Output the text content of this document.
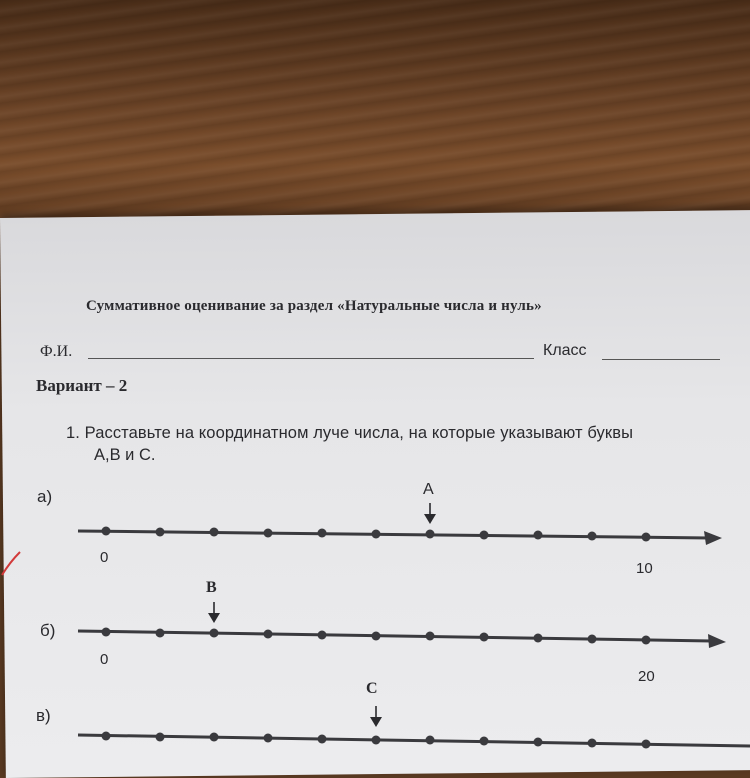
Суммативное оценивание за раздел «Натуральные числа и нуль»
Ф.И.	Класс
Вариант – 2
1. Расставьте на координатном луче числа, на которые указывают буквы
А,В и С.
а)	А
0
10
В
б)
0
20
С
в)
